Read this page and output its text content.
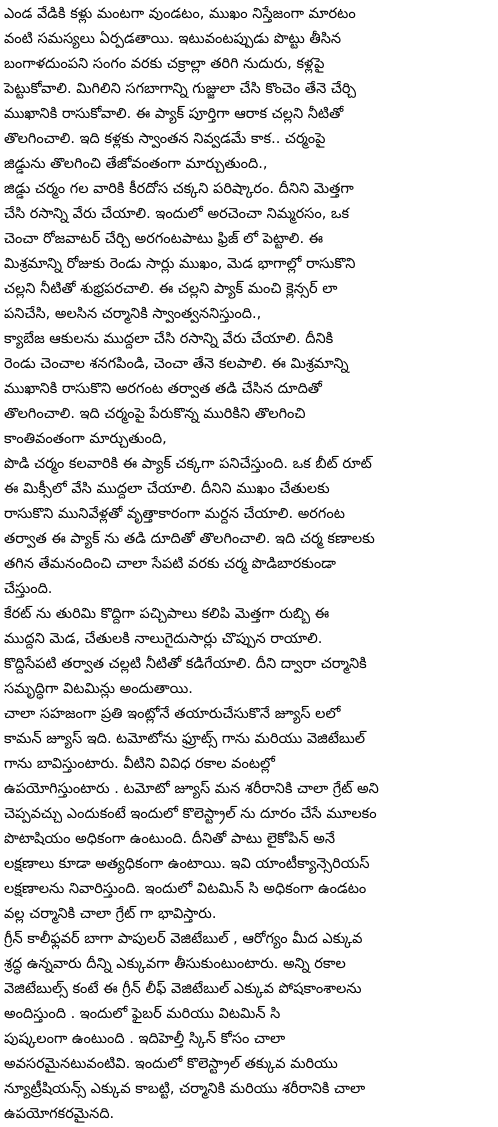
ఎండ వేడికి కళ్లు మంటగా వుండటం, ముఖం నిస్తేజంగా మారటం
వంటి సమస్యలు ఏర్పడతాయి. ఇటువంటప్పుడు పొట్టు తీసిన
బంగాళదుంపని సంగం వరకు చక్రాల్లా తరిగి నుదురు, కళ్లపై
పెట్టుకోవాలి. మిగిలిని సగబాగాన్ని గుజ్జులా చేసి కొంచెం తేనె చేర్చి
ముఖానికి రాసుకోవాలి. ఈ ప్యాక్ పూర్తిగా ఆరాక చల్లని నీటితో
తొలగించాలి. ఇది కళ్లకు స్వాంతన నివ్వడమే కాక.. చర్మంపై
జిడ్డును తొలగించి తేజోవంతంగా మార్చుతుంది.,
జిడ్డు చర్మం గల వారికి కీరదోస చక్కని పరిష్కారం. దీనిని మెత్తగా
చేసి రసాన్ని వేరు చేయాలి. ఇందులో అరచెంచా నిమ్మరసం, ఒక
చెంచా రోజవాటర్ చేర్చి అరగంటపాటు ఫ్రిజ్ లో పెట్టాలి. ఈ
మిశ్రమాన్ని రోజుకు రెండు సార్లు ముఖం, మెడ భాగాల్లో రాసుకొని
చల్లని నీటితో శుభ్రపరచాలి. ఈ చల్లని ప్యాక్ మంచి క్లెన్సర్ లా
పనిచేసి, అలసిన చర్మానికి స్వాంత్వననిస్తుంది.,
క్యాబేజ ఆకులను ముద్దలా చేసి రసాన్ని వేరు చేయాలి. దీనికి
రెండు చెంచాల శనగపిండి, చెంచా తేనె కలపాలి. ఈ మిశ్రమాన్ని
ముఖానికి రాసుకొని అరగంట తర్వాత తడి చేసిన దూదితో
తొలగించాలి. ఇది చర్మంపై పేరుకొన్న మురికిని తొలగించి
కాంతివంతంగా మార్చుతుంది,
పొడి చర్మం కలవారికి ఈ ప్యాక్ చక్కగా పనిచేస్తుంది. ఒక బీట్ రూట్
ఈ మిక్సీలో వేసి ముద్దలా చేయాలి. దీనిని ముఖం చేతులకు
రాసుకొని మునివేళ్లతో వృత్తాకారంగా మర్దన చేయాలి. అరగంట
తర్వాత ఈ ప్యాక్ ను తడి దూదితో తొలగించాలి. ఇది చర్మ కణాలకు
తగిన తేమనందించి చాలా సేపటి వరకు చర్మ పొడిబారకుండా
చేస్తుంది.
కేరట్ ను తురిమి కొద్దిగా పచ్చిపాలు కలిపి మెత్తగా రుబ్బి ఈ
ముద్దని మెడ, చేతులకి నాలుగైదుసార్లు చొప్పున రాయాలి.
కొద్దిసేపటి తర్వాత చల్లటి నీటితో కడిగేయాలి. దీని ద్వారా చర్మానికి
సమృద్ధిగా విటమిన్లు అందుతాయి.
చాలా సహజంగా ప్రతి ఇంట్లోనే తయారుచేసుకొనే జ్యూస్ లలో
కామన్ జ్యూస్ ఇది. టమోటోను ఫ్రూట్స్ గాను మరియు వెజిటేబుల్
గాను బావిస్తుంటారు. వీటిని వివిధ రకాల వంటల్లో
ఉపయోగిస్తుంటారు . టమోటో జ్యూస్ మన శరీరానికి చాలా గ్రేట్ అని
చెప్పవచ్చు ఎందుకంటే ఇందులో కొలెస్ట్రాల్ ను దూరం చేసే మూలకం
పొటాషియం అధికంగా ఉంటుంది. దీనితో పాటు లైకోపిన్ అనే
లక్షణాలు కూడా అత్యధికంగా ఉంటాయి. ఇవి యాంటీక్యాన్సెరియస్
లక్షణాలను నివారిస్తుంది. ఇందులో విటమిన్ సి అధికంగా ఉండటం
వల్ల చర్మానికి చాలా గ్రేట్ గా భావిస్తారు.
గ్రీన్ కాలీఫ్లవర్ బాగా పాపులర్ వెజిటేబుల్ , ఆరోగ్యం మీద ఎక్కువ
శ్రద్ధ ఉన్నవారు దీన్ని ఎక్కువగా తీసుకుంటుంటారు. అన్ని రకాల
వెజిటేబుల్స్ కంటే ఈ గ్రీన్ లీఫ్ వెజిటేబుల్ ఎక్కువ పోషకాంశాలను
అందిస్తుంది . ఇందులో ఫైబర్ మరియు విటమిన్ సి
పుష్కలంగా ఉంటుంది . ఇదిహెల్తీ స్కిన్ కోసం చాలా
అవసరమైనటువంటివి. ఇందులో కొలెస్ట్రాల్ తక్కువ మరియు
న్యూట్రీషియన్స్ ఎక్కువ కాబట్టి, చర్మానికి మరియు శరీరానికి చాలా
ఉపయోగకరమైనది.
